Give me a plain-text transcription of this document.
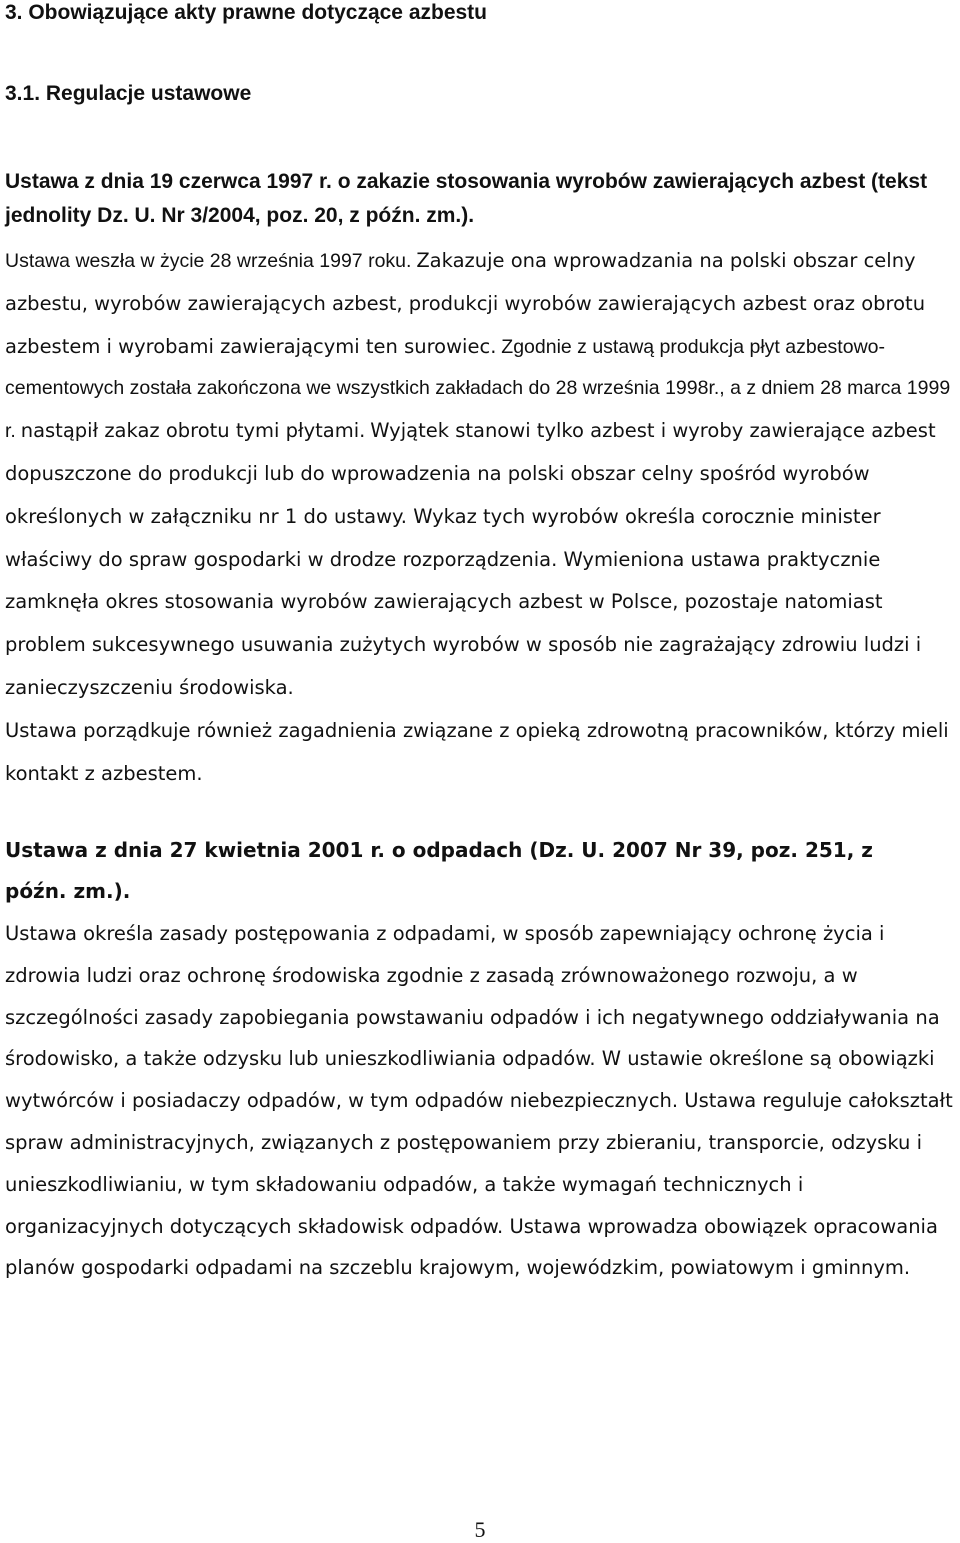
3. Obowiązujące akty prawne dotyczące azbestu
3.1. Regulacje ustawowe

Ustawa z dnia 19 czerwca 1997 r. o zakazie stosowania wyrobów zawierających azbest (tekst jednolity Dz. U. Nr 3/2004, poz. 20, z późn. zm.).

Ustawa weszła w życie 28 września 1997 roku. Zakazuje ona wprowadzania na polski obszar celny azbestu, wyrobów zawierających azbest, produkcji wyrobów zawierających azbest oraz obrotu azbestem i wyrobami zawierającymi ten surowiec. Zgodnie z ustawą produkcja płyt azbestowo-cementowych została zakończona we wszystkich zakładach do 28 września 1998r., a z dniem 28 marca 1999 r. nastąpił zakaz obrotu tymi płytami. Wyjątek stanowi tylko azbest i wyroby zawierające azbest dopuszczone do produkcji lub do wprowadzenia na polski obszar celny spośród wyrobów określonych w załączniku nr 1 do ustawy. Wykaz tych wyrobów określa corocznie minister właściwy do spraw gospodarki w drodze rozporządzenia. Wymieniona ustawa praktycznie zamknęła okres stosowania wyrobów zawierających azbest w Polsce, pozostaje natomiast problem sukcesywnego usuwania zużytych wyrobów w sposób nie zagrażający zdrowiu ludzi i zanieczyszczeniu środowiska.
Ustawa porządkuje również zagadnienia związane z opieką zdrowotną pracowników, którzy mieli kontakt z azbestem.

Ustawa z dnia 27 kwietnia 2001 r. o odpadach (Dz. U. 2007 Nr 39, poz. 251, z późn. zm.).

Ustawa określa zasady postępowania z odpadami, w sposób zapewniający ochronę życia i zdrowia ludzi oraz ochronę środowiska zgodnie z zasadą zrównoważonego rozwoju, a w szczególności zasady zapobiegania powstawaniu odpadów i ich negatywnego oddziaływania na środowisko, a także odzysku lub unieszkodliwiania odpadów. W ustawie określone są obowiązki wytwórców i posiadaczy odpadów, w tym odpadów niebezpiecznych. Ustawa reguluje całokształt spraw administracyjnych, związanych z postępowaniem przy zbieraniu, transporcie, odzysku i unieszkodliwianiu, w tym składowaniu odpadów, a także wymagań technicznych i organizacyjnych dotyczących składowisk odpadów. Ustawa wprowadza obowiązek opracowania planów gospodarki odpadami na szczeblu krajowym, wojewódzkim, powiatowym i gminnym.

5
